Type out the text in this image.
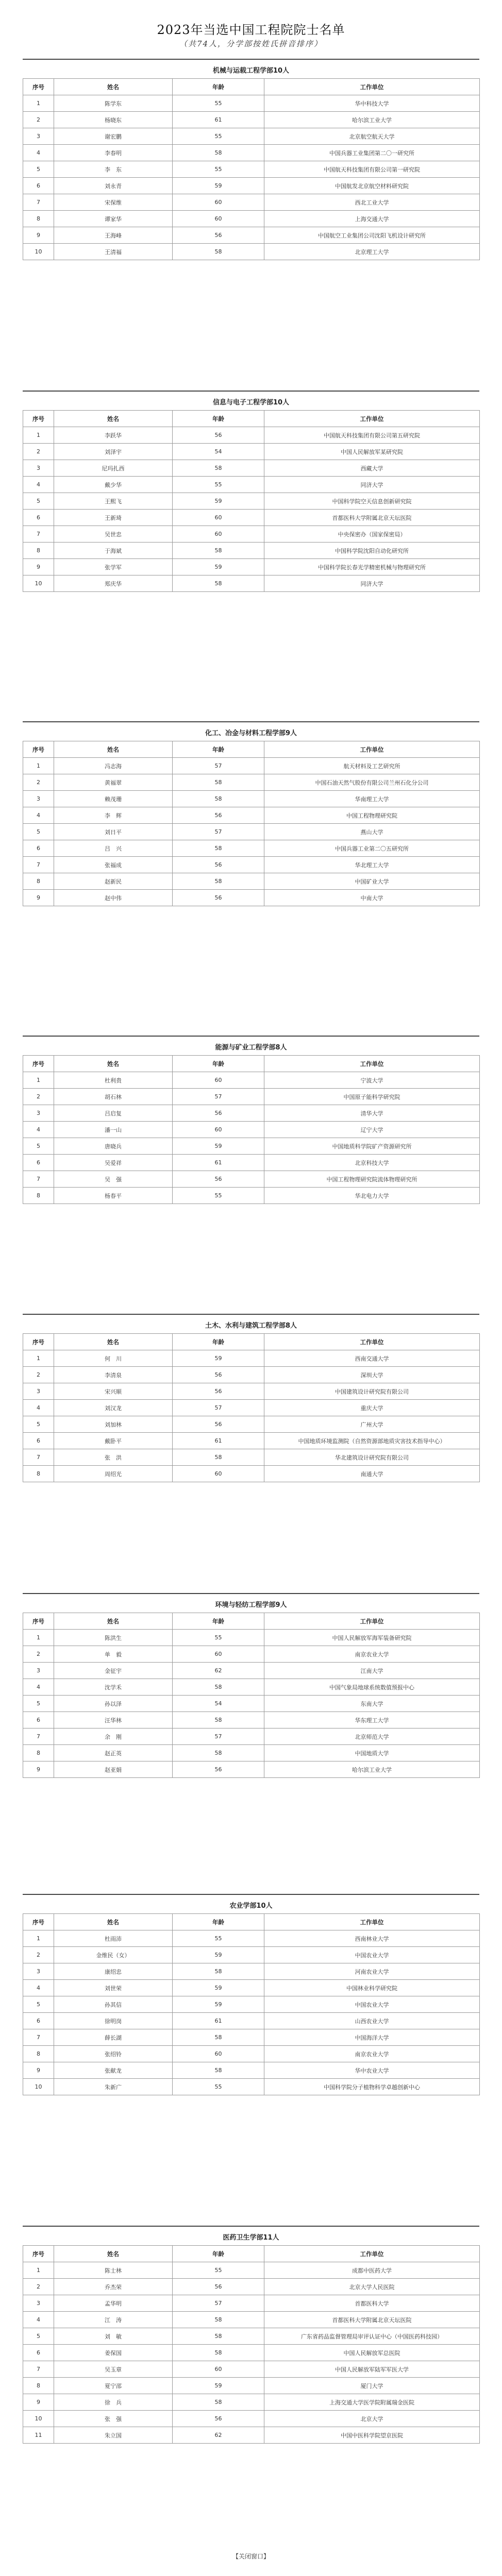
2023年当选中国工程院院士名单
（共74人，分学部按姓氏拼音排序）
机械与运载工程学部10人
序号	姓名	年龄	工作单位
1	陈学东	55	华中科技大学
2	杨晓东	61	哈尔滨工业大学
3	谢宏鹏	55	北京航空航天大学
4	李春明	58	中国兵器工业集团第二〇一研究所
5	李　东	55	中国航天科技集团有限公司第一研究院
6	刘永青	59	中国航发北京航空材料研究院
7	宋保维	60	西北工业大学
8	谭家华	60	上海交通大学
9	王海峰	56	中国航空工业集团公司沈阳飞机设计研究所
10	王清福	58	北京理工大学
信息与电子工程学部10人
序号	姓名	年龄	工作单位
1	李跃华	56	中国航天科技集团有限公司第五研究院
2	刘泽宇	54	中国人民解放军某研究院
3	尼玛扎西	58	西藏大学
4	戴少华	55	同济大学
5	王熙飞	59	中国科学院空天信息创新研究院
6	王新琦	60	首都医科大学附属北京天坛医院
7	吴世忠	60	中央保密办（国家保密局）
8	于海斌	58	中国科学院沈阳自动化研究所
9	张学军	59	中国科学院长春光学精密机械与物理研究所
10	郑庆华	58	同济大学
化工、冶金与材料工程学部9人
序号	姓名	年龄	工作单位
1	冯志海	57	航天材料及工艺研究所
2	黄福翠	58	中国石油天然气股份有限公司兰州石化分公司
3	赖茂珊	58	华南理工大学
4	李　辉	56	中国工程物理研究院
5	刘日平	57	燕山大学
6	吕　兴	58	中国兵器工业第二〇五研究所
7	张福成	56	华北理工大学
8	赵新民	58	中国矿业大学
9	赵中伟	56	中南大学
能源与矿业工程学部8人
序号	姓名	年龄	工作单位
1	杜利贵	60	宁波大学
2	胡石林	57	中国原子能科学研究院
3	吕启复	56	清华大学
4	潘一山	60	辽宁大学
5	唐晓兵	59	中国地质科学院矿产资源研究所
6	吴爱祥	61	北京科技大学
7	吴　强	56	中国工程物理研究院流体物理研究所
8	杨春平	55	华北电力大学
土木、水利与建筑工程学部8人
序号	姓名	年龄	工作单位
1	何　川	59	西南交通大学
2	李清泉	56	深圳大学
3	宋兴顺	56	中国建筑设计研究院有限公司
4	刘汉龙	57	重庆大学
5	刘加林	56	广州大学
6	戴卧平	61	中国地质环境监测院（自然资源部地质灾害技术指导中心）
7	张　洪	58	华北建筑设计研究院有限公司
8	周绍光	60	南通大学
环境与轻纺工程学部9人
序号	姓名	年龄	工作单位
1	陈洪生	55	中国人民解放军海军装备研究院
2	单　毅	60	南京农业大学
3	金征宇	62	江南大学
4	沈学禾	58	中国气象局地球系统数值预报中心
5	孙以泽	54	东南大学
6	汪华林	58	华东理工大学
7	余　刚	57	北京师范大学
8	赵正英	58	中国地质大学
9	赵亚娟	56	哈尔滨工业大学
农业学部10人
序号	姓名	年龄	工作单位
1	杜雨沛	55	西南林业大学
2	金维民（女）	59	中国农业大学
3	康绍忠	58	河南农业大学
4	刘世荣	59	中国林业科学研究院
5	孙其信	59	中国农业大学
6	徐明岗	61	山西农业大学
7	薛长湖	58	中国海洋大学
8	张绍铃	60	南京农业大学
9	张献龙	58	华中农业大学
10	朱新广	55	中国科学院分子植物科学卓越创新中心
医药卫生学部11人
序号	姓名	年龄	工作单位
1	陈士林	55	成都中医药大学
2	乔杰荣	56	北京大学人民医院
3	孟华明	57	首都医科大学
4	江　涛	58	首都医科大学附属北京天坛医院
5	刘　敏	58	广东省药品监督管理局审评认证中心（中国医药科技园）
6	姜保国	58	中国人民解放军总医院
7	吴玉章	60	中国人民解放军陆军军医大学
8	夏宁邵	59	厦门大学
9	徐　兵	58	上海交通大学医学院附属瑞金医院
10	张　强	56	北京大学
11	朱立国	62	中国中医科学院望京医院
【关闭窗口】
